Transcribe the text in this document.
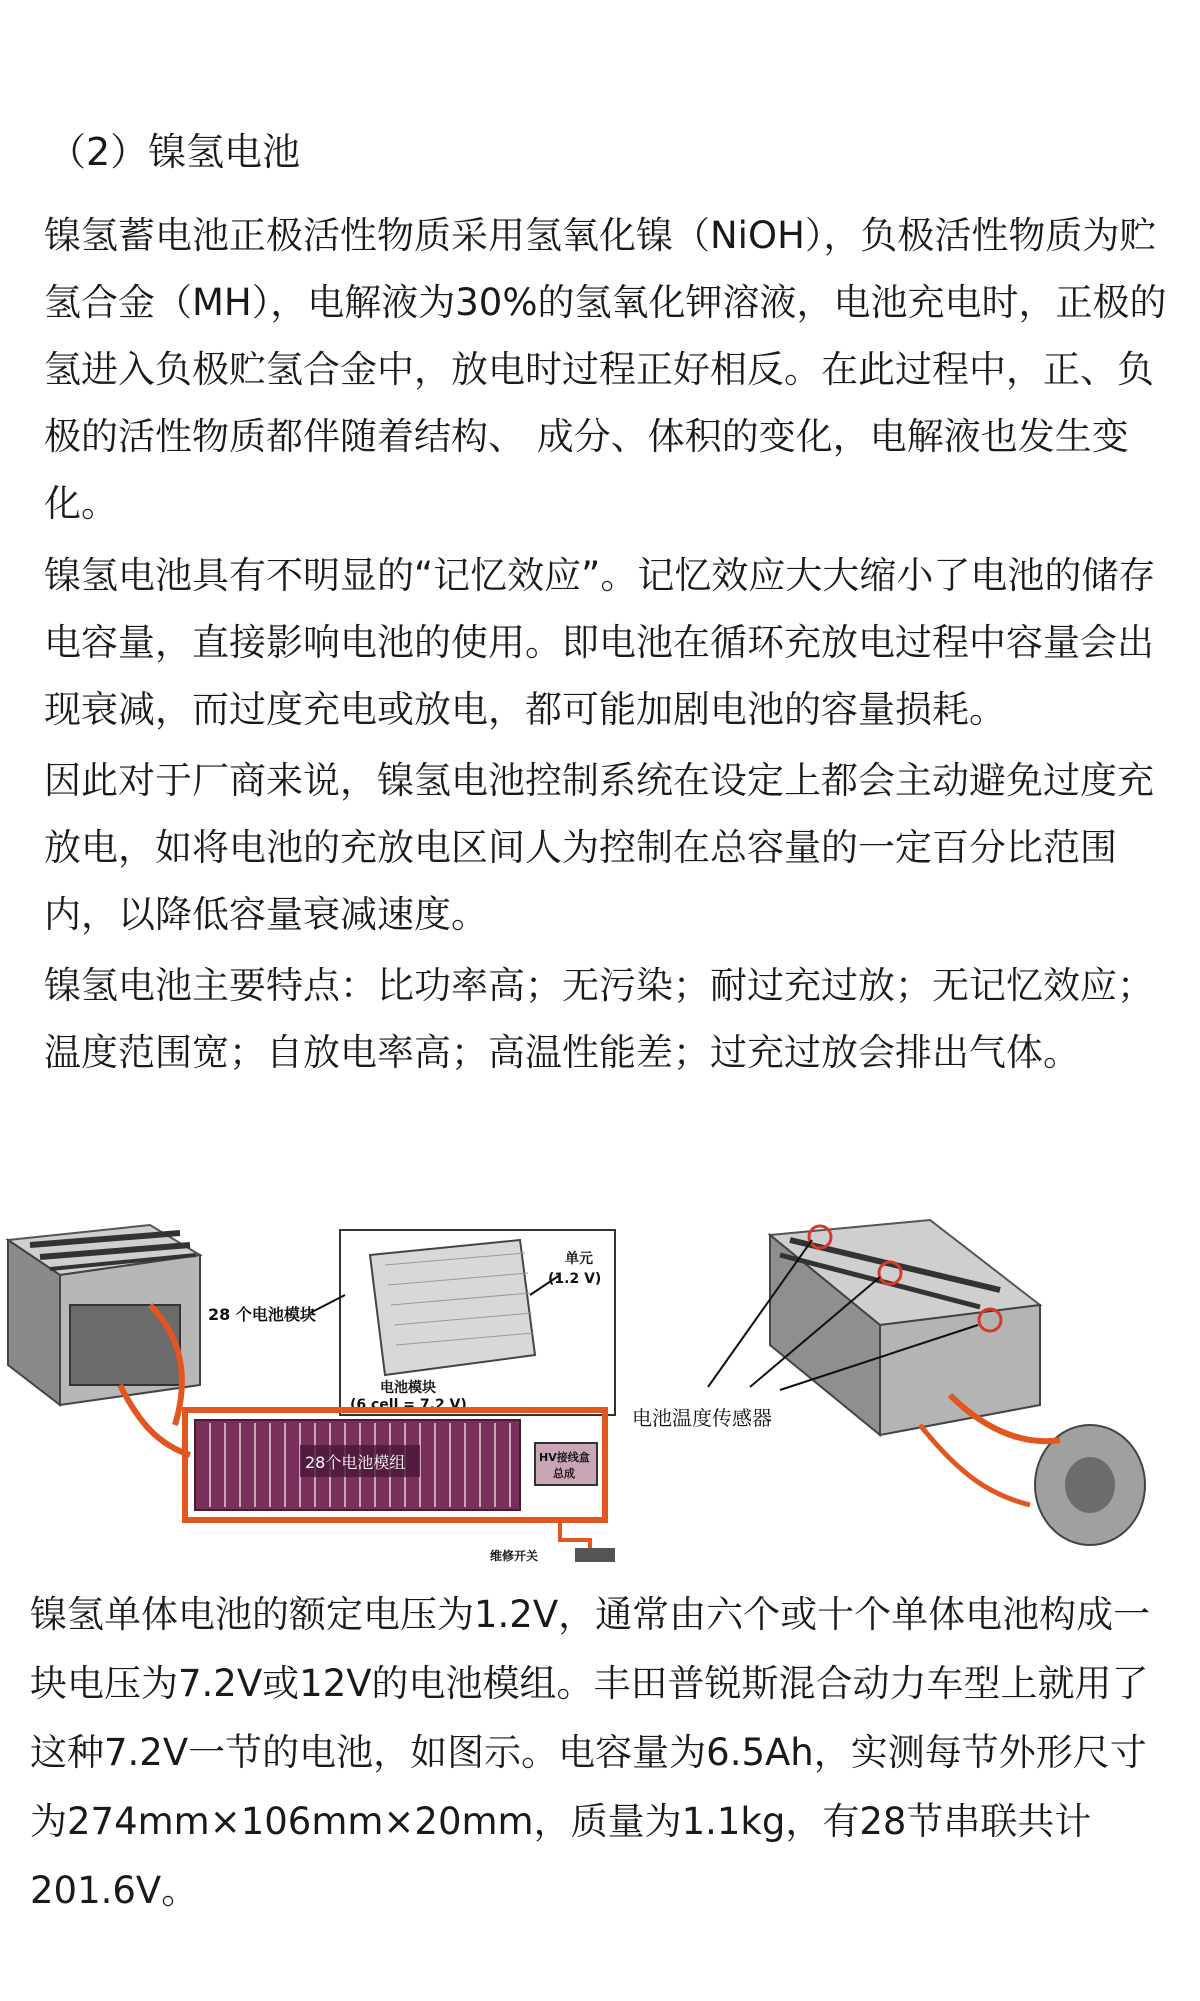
（2）镍氢电池

镍氢蓄电池正极活性物质采用氢氧化镍（NiOH），负极活性物质为贮氢合金（MH），电解液为30%的氢氧化钾溶液，电池充电时，正极的氢进入负极贮氢合金中，放电时过程正好相反。在此过程中，正、负极的活性物质都伴随着结构、 成分、体积的变化，电解液也发生变化。

镍氢电池具有不明显的“记忆效应”。记忆效应大大缩小了电池的储存电容量，直接影响电池的使用。即电池在循环充放电过程中容量会出现衰减，而过度充电或放电，都可能加剧电池的容量损耗。

因此对于厂商来说，镍氢电池控制系统在设定上都会主动避免过度充放电，如将电池的充放电区间人为控制在总容量的一定百分比范围内，以降低容量衰减速度。

镍氢电池主要特点：比功率高；无污染；耐过充过放；无记忆效应；温度范围宽；自放电率高；高温性能差；过充过放会排出气体。

单元
(1.2 V)
电池模块
(6 cell = 7.2 V)
28 个电池模块
28个电池模组	HV接线盒
总成
维修开关
电池温度传感器

镍氢单体电池的额定电压为1.2V，通常由六个或十个单体电池构成一块电压为7.2V或12V的电池模组。丰田普锐斯混合动力车型上就用了这种7.2V一节的电池，如图示。电容量为6.5Ah，实测每节外形尺寸为274mm×106mm×20mm，质量为1.1kg，有28节串联共计201.6V。
